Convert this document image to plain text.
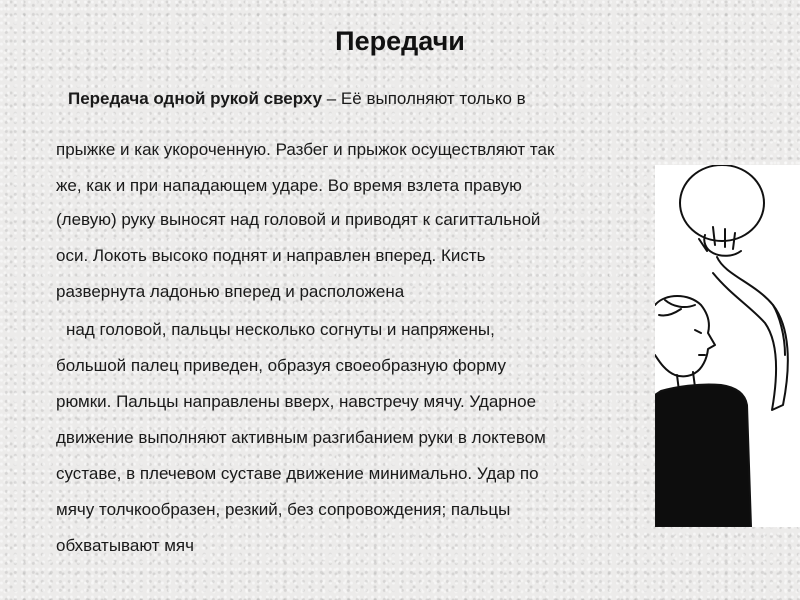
Передачи
Передача одной рукой сверху – Её выполняют только в
прыжке и как укороченную. Разбег и прыжок осуществляют так
же, как и при нападающем ударе. Во время взлета правую
(левую) руку выносят над головой и приводят к сагиттальной
оси. Локоть высоко поднят и направлен вперед. Кисть
развернута ладонью вперед и расположена
над головой, пальцы несколько согнуты и напряжены,
большой палец приведен, образуя своеобразную форму
рюмки. Пальцы направлены вверх, навстречу мячу. Ударное
движение выполняют активным разгибанием руки в локтевом
суставе, в плечевом суставе движение минимально. Удар по
мячу толчкообразен, резкий, без сопровождения; пальцы
обхватывают мяч
